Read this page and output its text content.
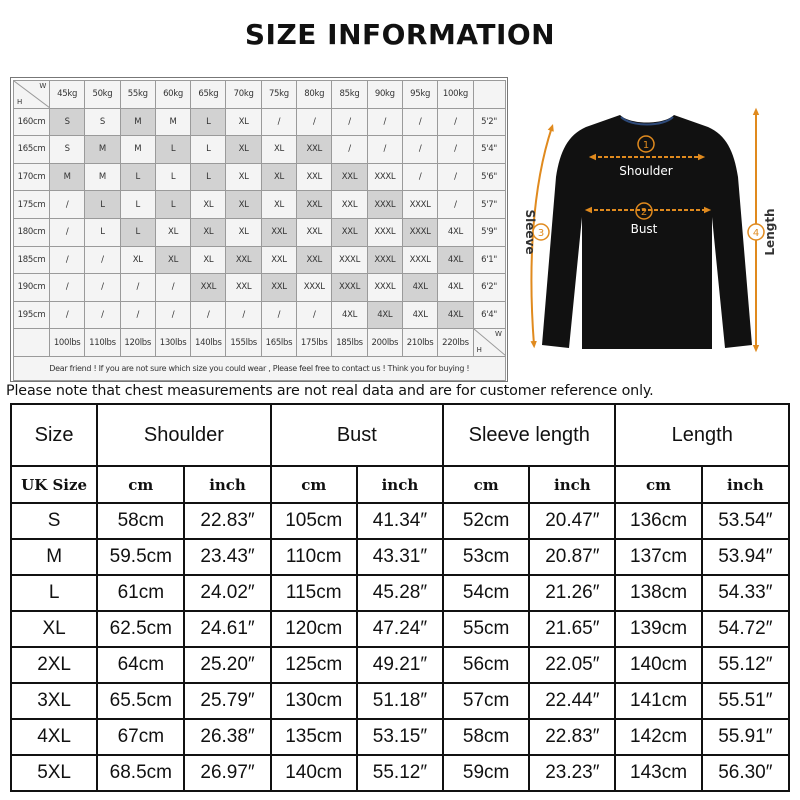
SIZE INFORMATION
H
W	45kg	50kg	55kg	60kg	65kg	70kg	75kg	80kg	85kg	90kg	95kg	100kg	
160cm	S	S	M	M	L	XL	/	/	/	/	/	/	5'2"
165cm	S	M	M	L	L	XL	XL	XXL	/	/	/	/	5'4"
170cm	M	M	L	L	L	XL	XL	XXL	XXL	XXXL	/	/	5'6"
175cm	/	L	L	L	XL	XL	XL	XXL	XXL	XXXL	XXXL	/	5'7"
180cm	/	L	L	XL	XL	XL	XXL	XXL	XXL	XXXL	XXXL	4XL	5'9"
185cm	/	/	XL	XL	XL	XXL	XXL	XXL	XXXL	XXXL	XXXL	4XL	6'1"
190cm	/	/	/	/	XXL	XXL	XXL	XXXL	XXXL	XXXL	4XL	4XL	6'2"
195cm	/	/	/	/	/	/	/	/	4XL	4XL	4XL	4XL	6'4"
	100lbs	110lbs	120lbs	130lbs	140lbs	155lbs	165lbs	175lbs	185lbs	200lbs	210lbs	220lbs	H
W

Dear friend ! If you are not sure which size you could wear , Please feel free to contact us ! Think you for buying !													
1
Shoulder
2
Bust
3
Sleeve	4 Length
Please note that chest measurements are not real data and are for customer reference only.
Size	Shoulder		Bust		Sleeve length		Length	
UK Size	cm	inch	cm	inch	cm	inch	cm	inch
S	58cm	22.83″	105cm	41.34″	52cm	20.47″	136cm	53.54″
M	59.5cm	23.43″	110cm	43.31″	53cm	20.87″	137cm	53.94″
L	61cm	24.02″	115cm	45.28″	54cm	21.26″	138cm	54.33″
XL	62.5cm	24.61″	120cm	47.24″	55cm	21.65″	139cm	54.72″
2XL	64cm	25.20″	125cm	49.21″	56cm	22.05″	140cm	55.12″
3XL	65.5cm	25.79″	130cm	51.18″	57cm	22.44″	141cm	55.51″
4XL	67cm	26.38″	135cm	53.15″	58cm	22.83″	142cm	55.91″
5XL	68.5cm	26.97″	140cm	55.12″	59cm	23.23″	143cm	56.30″
